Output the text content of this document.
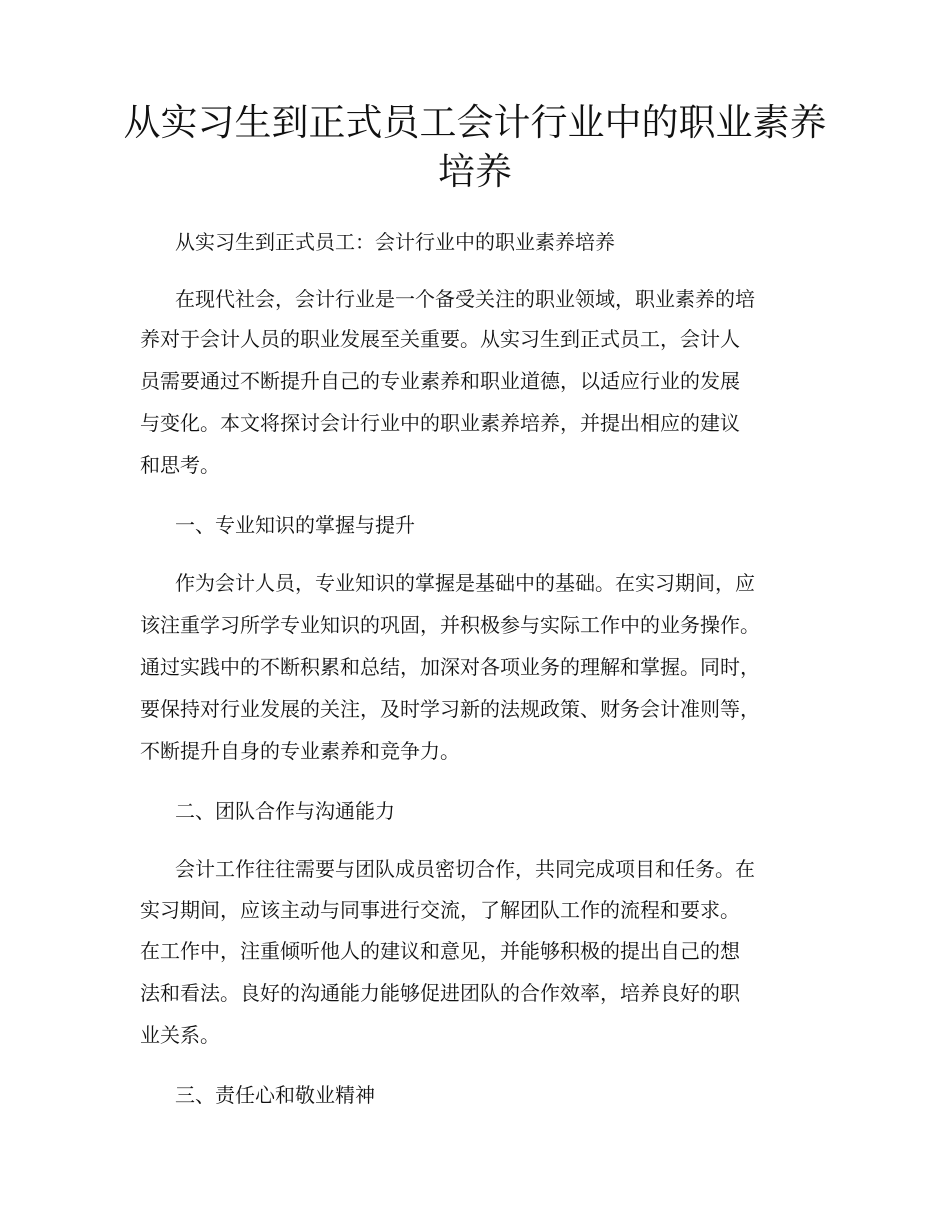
从实习生到正式员工会计行业中的职业素养
培养

从实习生到正式员工：会计行业中的职业素养培养

在现代社会，会计行业是一个备受关注的职业领域，职业素养的培

养对于会计人员的职业发展至关重要。从实习生到正式员工，会计人

员需要通过不断提升自己的专业素养和职业道德，以适应行业的发展

与变化。本文将探讨会计行业中的职业素养培养，并提出相应的建议

和思考。

一、专业知识的掌握与提升

作为会计人员，专业知识的掌握是基础中的基础。在实习期间，应

该注重学习所学专业知识的巩固，并积极参与实际工作中的业务操作。

通过实践中的不断积累和总结，加深对各项业务的理解和掌握。同时，

要保持对行业发展的关注，及时学习新的法规政策、财务会计准则等，

不断提升自身的专业素养和竞争力。

二、团队合作与沟通能力

会计工作往往需要与团队成员密切合作，共同完成项目和任务。在

实习期间，应该主动与同事进行交流，了解团队工作的流程和要求。

在工作中，注重倾听他人的建议和意见，并能够积极的提出自己的想

法和看法。良好的沟通能力能够促进团队的合作效率，培养良好的职

业关系。

三、责任心和敬业精神
